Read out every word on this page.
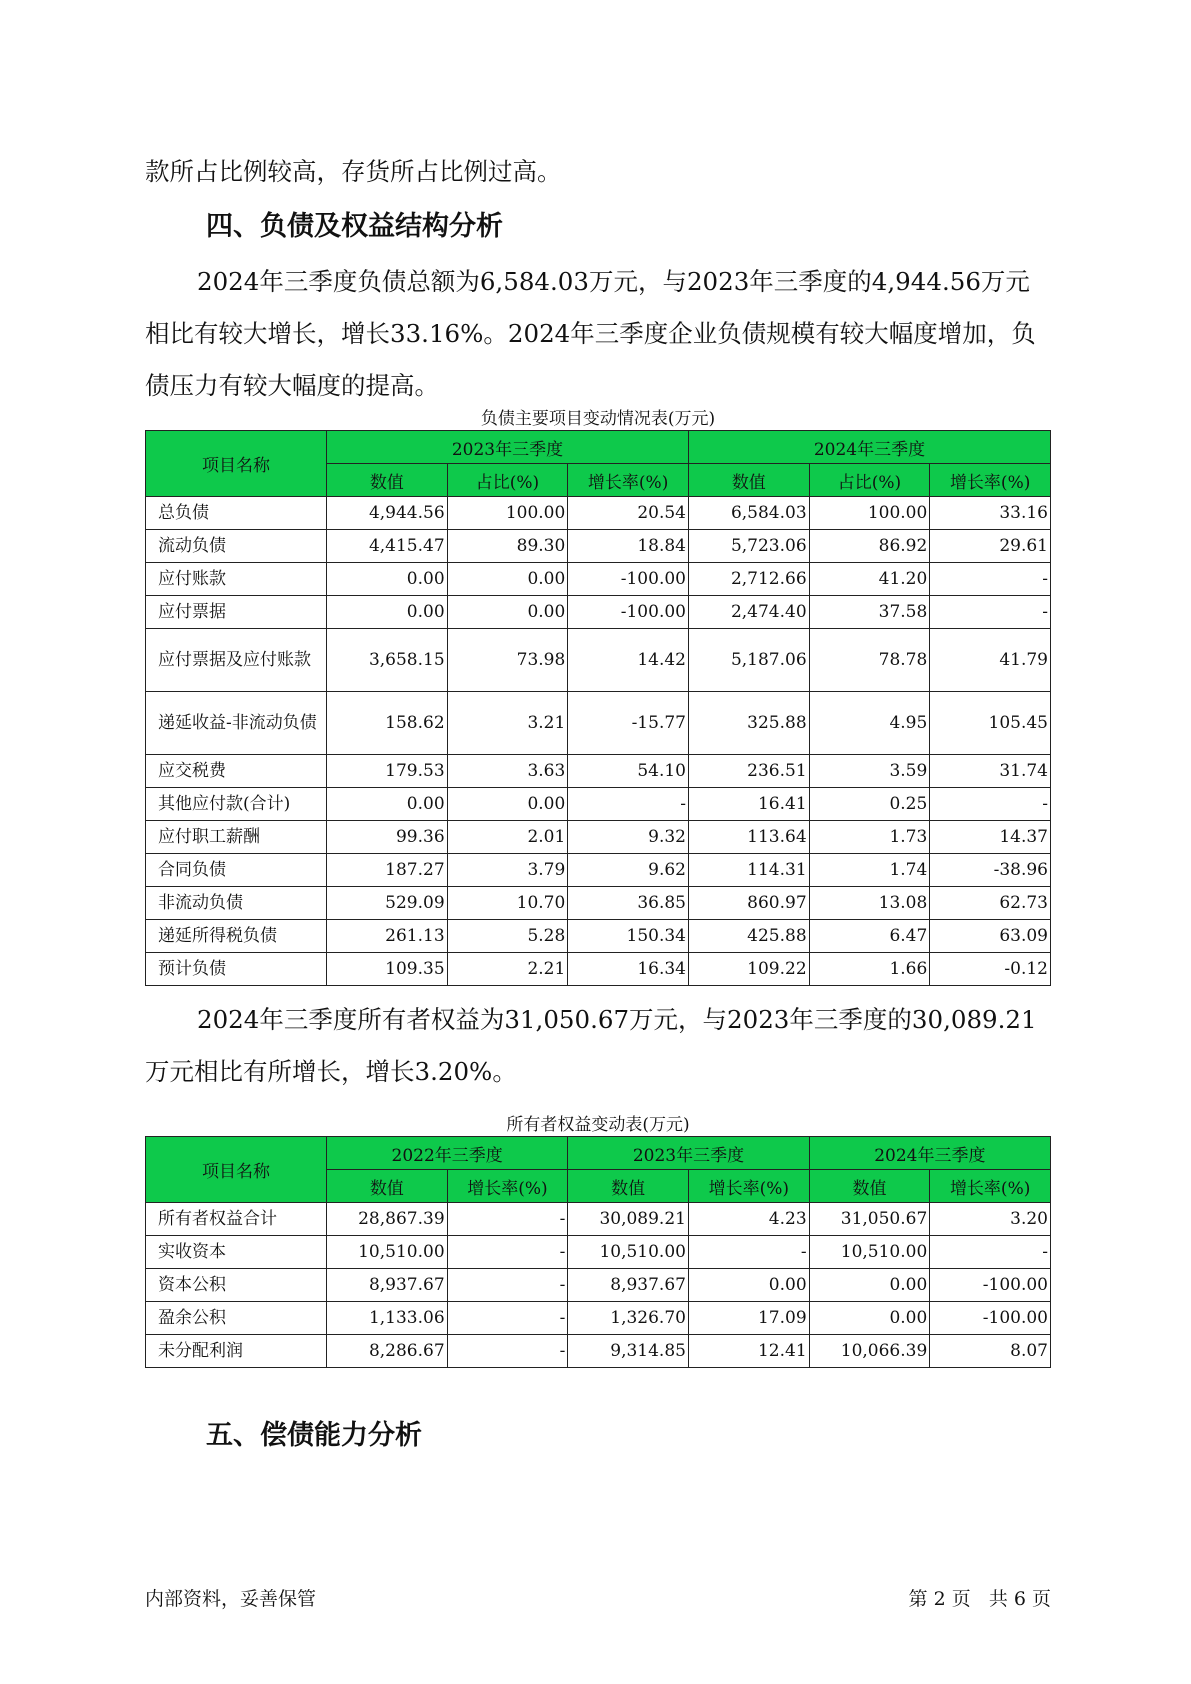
款所占比例较高，存货所占比例过高。

四、负债及权益结构分析

2024年三季度负债总额为6,584.03万元，与2023年三季度的4,944.56万元相比有较大增长，增长33.16%。2024年三季度企业负债规模有较大幅度增加，负债压力有较大幅度的提高。

负债主要项目变动情况表(万元)
项目名称	2023年三季度			2024年三季度		
	数值	占比(%)	增长率(%)	数值	占比(%)	增长率(%)
总负债	4,944.56	100.00	20.54	6,584.03	100.00	33.16
流动负债	4,415.47	89.30	18.84	5,723.06	86.92	29.61
应付账款	0.00	0.00	-100.00	2,712.66	41.20	-
应付票据	0.00	0.00	-100.00	2,474.40	37.58	-
应付票据及应付账款	3,658.15	73.98	14.42	5,187.06	78.78	41.79
递延收益-非流动负债	158.62	3.21	-15.77	325.88	4.95	105.45
应交税费	179.53	3.63	54.10	236.51	3.59	31.74
其他应付款(合计)	0.00	0.00	-	16.41	0.25	-
应付职工薪酬	99.36	2.01	9.32	113.64	1.73	14.37
合同负债	187.27	3.79	9.62	114.31	1.74	-38.96
非流动负债	529.09	10.70	36.85	860.97	13.08	62.73
递延所得税负债	261.13	5.28	150.34	425.88	6.47	63.09
预计负债	109.35	2.21	16.34	109.22	1.66	-0.12

2024年三季度所有者权益为31,050.67万元，与2023年三季度的30,089.21万元相比有所增长，增长3.20%。

所有者权益变动表(万元)
项目名称	2022年三季度		2023年三季度		2024年三季度	
	数值	增长率(%)	数值	增长率(%)	数值	增长率(%)
所有者权益合计	28,867.39	-	30,089.21	4.23	31,050.67	3.20
实收资本	10,510.00	-	10,510.00	-	10,510.00	-
资本公积	8,937.67	-	8,937.67	0.00	0.00	-100.00
盈余公积	1,133.06	-	1,326.70	17.09	0.00	-100.00
未分配利润	8,286.67	-	9,314.85	12.41	10,066.39	8.07
五、偿债能力分析
内部资料，妥善保管	第 2 页   共 6 页
